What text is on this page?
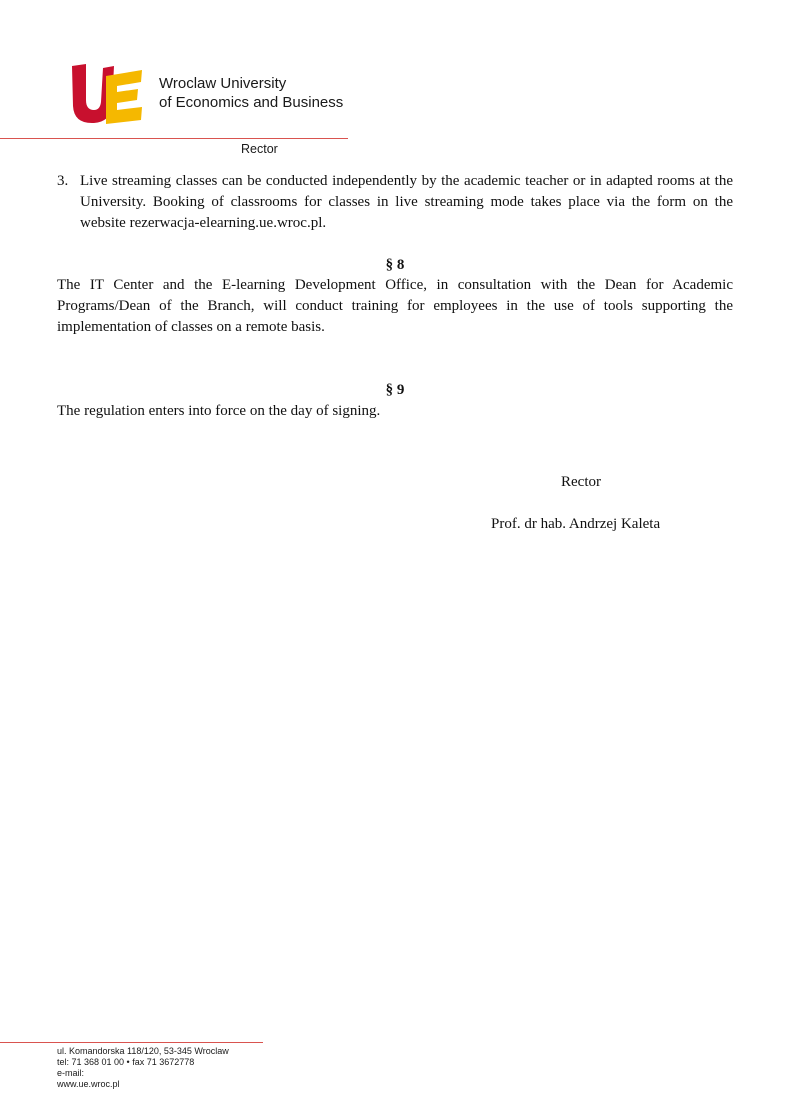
Wroclaw University
of Economics and Business
Rector
3. Live streaming classes can be conducted independently by the academic teacher or in adapted rooms at the University. Booking of classrooms for classes in live streaming mode takes place via the form on the website rezerwacja-elearning.ue.wroc.pl.
§ 8
The IT Center and the E-learning Development Office, in consultation with the Dean for Academic Programs/Dean of the Branch, will conduct training for employees in the use of tools supporting the implementation of classes on a remote basis.
§ 9
The regulation enters into force on the day of signing.
Rector
Prof. dr hab. Andrzej Kaleta
ul. Komandorska 118/120, 53-345 Wroclaw
tel: 71 368 01 00 • fax 71 3672778
e-mail:
www.ue.wroc.pl
